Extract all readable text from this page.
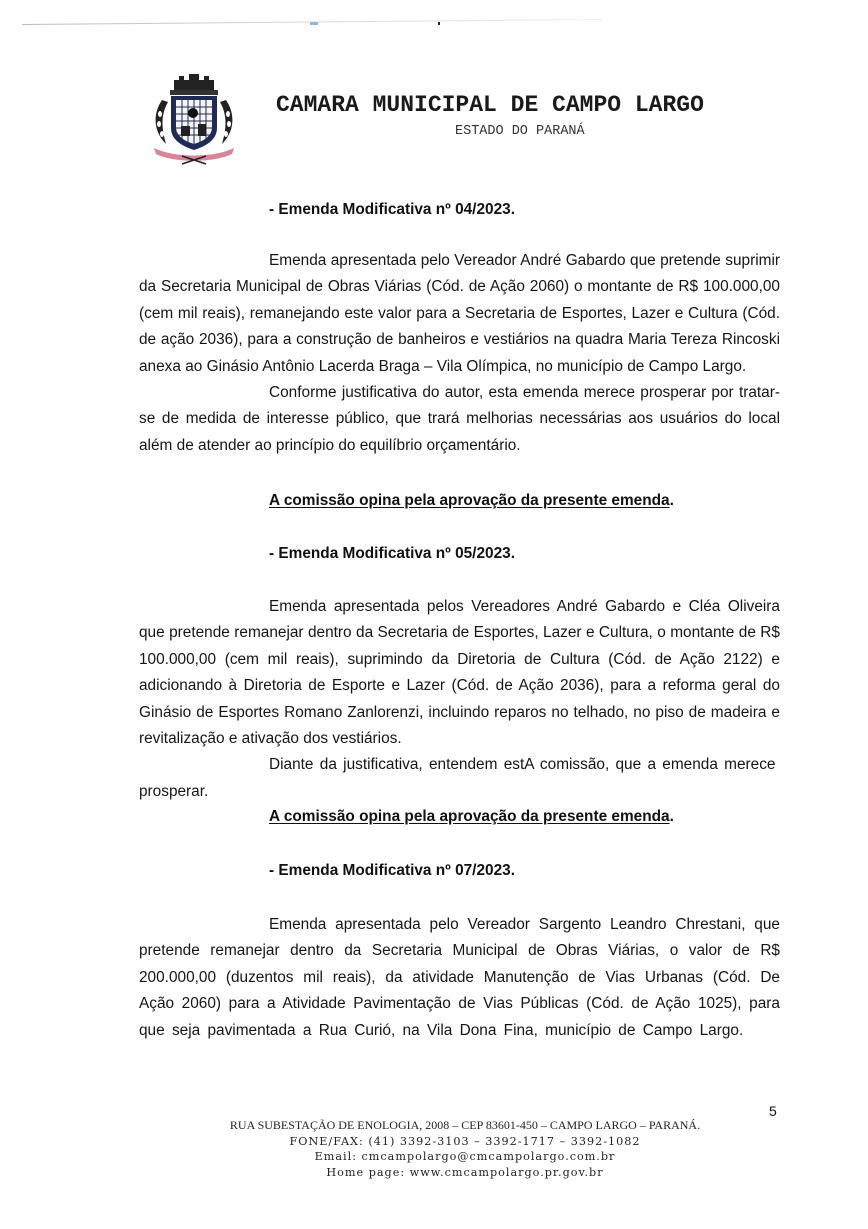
CAMARA MUNICIPAL DE CAMPO LARGO
ESTADO DO PARANÁ
- Emenda Modificativa nº 04/2023.

Emenda apresentada pelo Vereador André Gabardo que pretende suprimir da Secretaria Municipal de Obras Viárias (Cód. de Ação 2060) o montante de R$ 100.000,00 (cem mil reais), remanejando este valor para a Secretaria de Esportes, Lazer e Cultura (Cód. de ação 2036), para a construção de banheiros e vestiários na quadra Maria Tereza Rincoski anexa ao Ginásio Antônio Lacerda Braga – Vila Olímpica, no município de Campo Largo.

Conforme justificativa do autor, esta emenda merece prosperar por tratar-se de medida de interesse público, que trará melhorias necessárias aos usuários do local além de atender ao princípio do equilíbrio orçamentário.

A comissão opina pela aprovação da presente emenda.
- Emenda Modificativa nº 05/2023.

Emenda apresentada pelos Vereadores André Gabardo e Cléa Oliveira que pretende remanejar dentro da Secretaria de Esportes, Lazer e Cultura, o montante de R$ 100.000,00 (cem mil reais), suprimindo da Diretoria de Cultura (Cód. de Ação 2122) e adicionando à Diretoria de Esporte e Lazer (Cód. de Ação 2036), para a reforma geral do Ginásio de Esportes Romano Zanlorenzi, incluindo reparos no telhado, no piso de madeira e revitalização e ativação dos vestiários.

Diante da justificativa, entendem estA comissão, que a emenda merece prosperar.

A comissão opina pela aprovação da presente emenda.
- Emenda Modificativa nº 07/2023.

Emenda apresentada pelo Vereador Sargento Leandro Chrestani, que pretende remanejar dentro da Secretaria Municipal de Obras Viárias, o valor de R$ 200.000,00 (duzentos mil reais), da atividade Manutenção de Vias Urbanas (Cód. De Ação 2060) para a Atividade Pavimentação de Vias Públicas (Cód. de Ação 1025), para que seja pavimentada a Rua Curió, na Vila Dona Fina, município de Campo Largo.

5
RUA SUBESTAÇÃO DE ENOLOGIA, 2008 – CEP 83601-450 – CAMPO LARGO – PARANÁ.
FONE/FAX: (41) 3392-3103 – 3392-1717 – 3392-1082
Email: cmcampolargo@cmcampolargo.com.br
Home page: www.cmcampolargo.pr.gov.br
